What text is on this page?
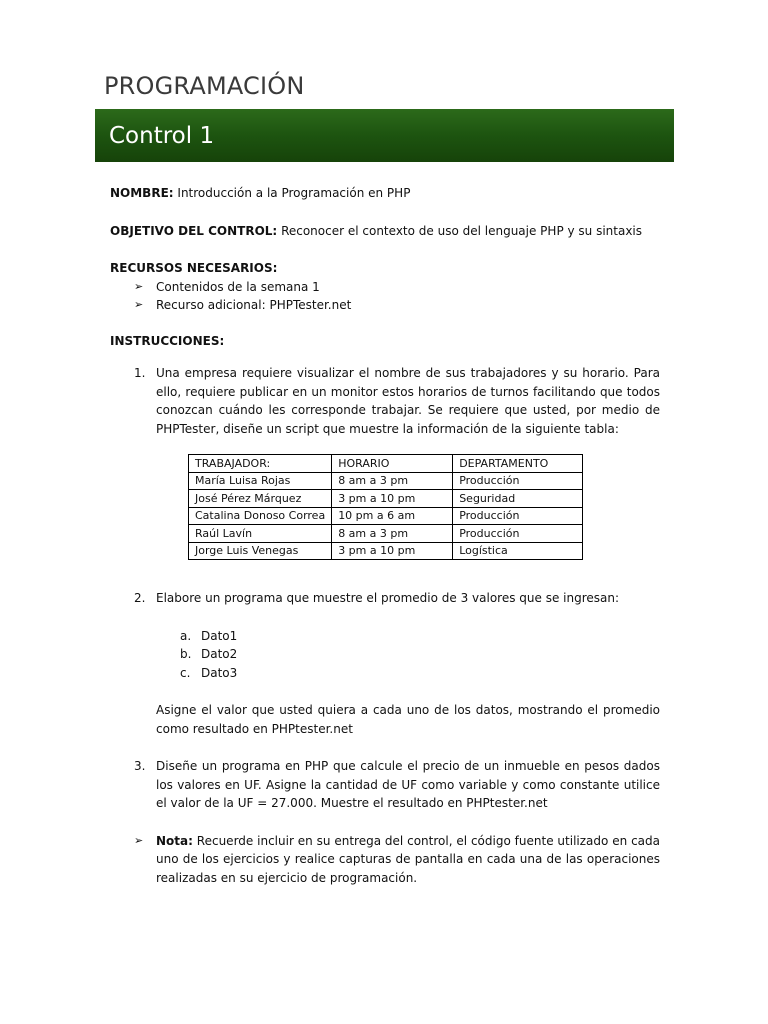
PROGRAMACIÓN
Control 1

NOMBRE: Introducción a la Programación en PHP

OBJETIVO DEL CONTROL: Reconocer el contexto de uso del lenguaje PHP y su sintaxis

RECURSOS NECESARIOS:

➢ Contenidos de la semana 1
➢ Recurso adicional: PHPTester.net

INSTRUCCIONES:

1. Una empresa requiere visualizar el nombre de sus trabajadores y su horario. Para ello, requiere publicar en un monitor estos horarios de turnos facilitando que todos conozcan cuándo les corresponde trabajar. Se requiere que usted, por medio de PHPTester, diseñe un script que muestre la información de la siguiente tabla:
2. Elabore un programa que muestre el promedio de 3 valores que se ingresan:
a. Dato1
b. Dato2
c. Dato3
Asigne el valor que usted quiera a cada uno de los datos, mostrando el promedio como resultado en PHPtester.net
3. Diseñe un programa en PHP que calcule el precio de un inmueble en pesos dados los valores en UF. Asigne la cantidad de UF como variable y como constante utilice el valor de la UF = 27.000. Muestre el resultado en PHPtester.net
➢ Nota: Recuerde incluir en su entrega del control, el código fuente utilizado en cada uno de los ejercicios y realice capturas de pantalla en cada una de las operaciones realizadas en su ejercicio de programación.
TRABAJADOR:	HORARIO	DEPARTAMENTO
María Luisa Rojas	8 am a 3 pm	Producción
José Pérez Márquez	3 pm a 10 pm	Seguridad
Catalina Donoso Correa	10 pm a 6 am	Producción
Raúl Lavín	8 am a 3 pm	Producción
Jorge Luis Venegas	3 pm a 10 pm	Logística
